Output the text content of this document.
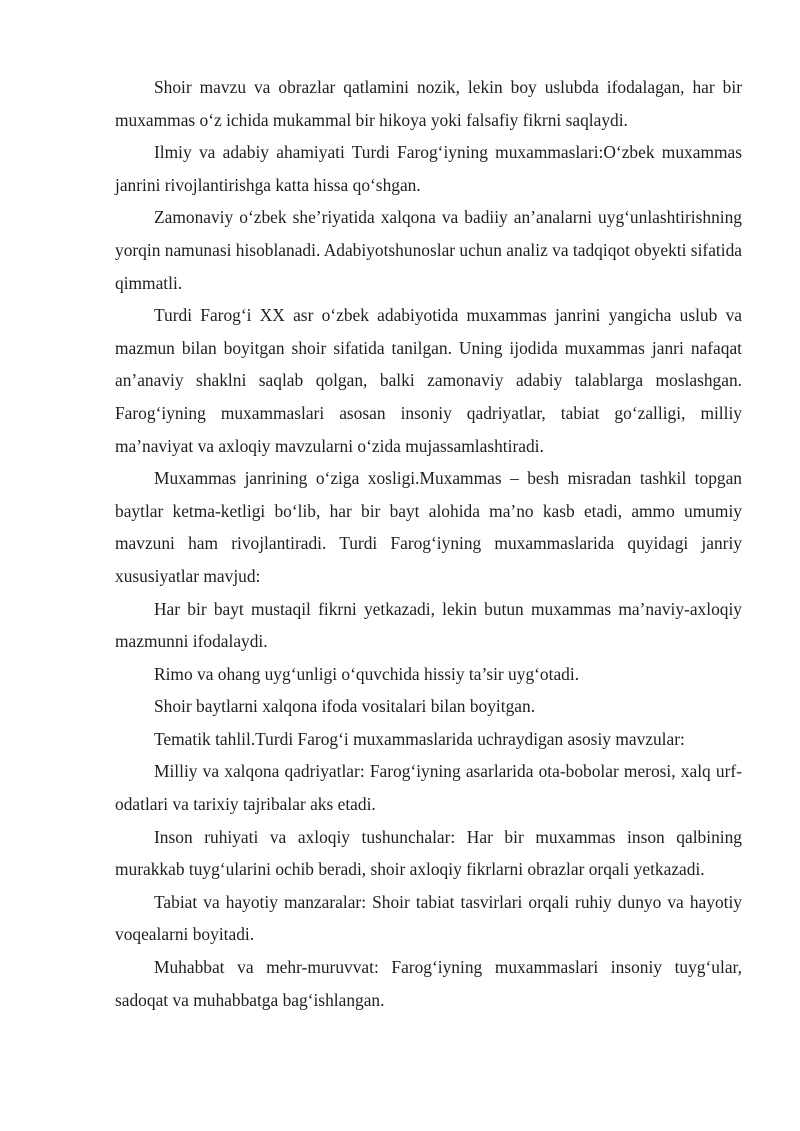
Shoir mavzu va obrazlar qatlamini nozik, lekin boy uslubda ifodalagan, har bir muxammas o‘z ichida mukammal bir hikoya yoki falsafiy fikrni saqlaydi.

Ilmiy va adabiy ahamiyati Turdi Farog‘iyning muxammaslari:O‘zbek muxammas janrini rivojlantirishga katta hissa qo‘shgan.

Zamonaviy o‘zbek she’riyatida xalqona va badiiy an’analarni uyg‘unlashtirishning yorqin namunasi hisoblanadi. Adabiyotshunoslar uchun analiz va tadqiqot obyekti sifatida qimmatli.

Turdi Farog‘i XX asr o‘zbek adabiyotida muxammas janrini yangicha uslub va mazmun bilan boyitgan shoir sifatida tanilgan. Uning ijodida muxammas janri nafaqat an’anaviy shaklni saqlab qolgan, balki zamonaviy adabiy talablarga moslashgan. Farog‘iyning muxammaslari asosan insoniy qadriyatlar, tabiat go‘zalligi, milliy ma’naviyat va axloqiy mavzularni o‘zida mujassamlashtiradi.

Muxammas janrining o‘ziga xosligi.Muxammas – besh misradan tashkil topgan baytlar ketma-ketligi bo‘lib, har bir bayt alohida ma’no kasb etadi, ammo umumiy mavzuni ham rivojlantiradi. Turdi Farog‘iyning muxammaslarida quyidagi janriy xususiyatlar mavjud:

Har bir bayt mustaqil fikrni yetkazadi, lekin butun muxammas ma’naviy-axloqiy mazmunni ifodalaydi.

Rimo va ohang uyg‘unligi o‘quvchida hissiy ta’sir uyg‘otadi.

Shoir baytlarni xalqona ifoda vositalari bilan boyitgan.

Tematik tahlil.Turdi Farog‘i muxammaslarida uchraydigan asosiy mavzular:

Milliy va xalqona qadriyatlar: Farog‘iyning asarlarida ota-bobolar merosi, xalq urf-odatlari va tarixiy tajribalar aks etadi.

Inson ruhiyati va axloqiy tushunchalar: Har bir muxammas inson qalbining murakkab tuyg‘ularini ochib beradi, shoir axloqiy fikrlarni obrazlar orqali yetkazadi.

Tabiat va hayotiy manzaralar: Shoir tabiat tasvirlari orqali ruhiy dunyo va hayotiy voqealarni boyitadi.

Muhabbat va mehr-muruvvat: Farog‘iyning muxammaslari insoniy tuyg‘ular, sadoqat va muhabbatga bag‘ishlangan.
